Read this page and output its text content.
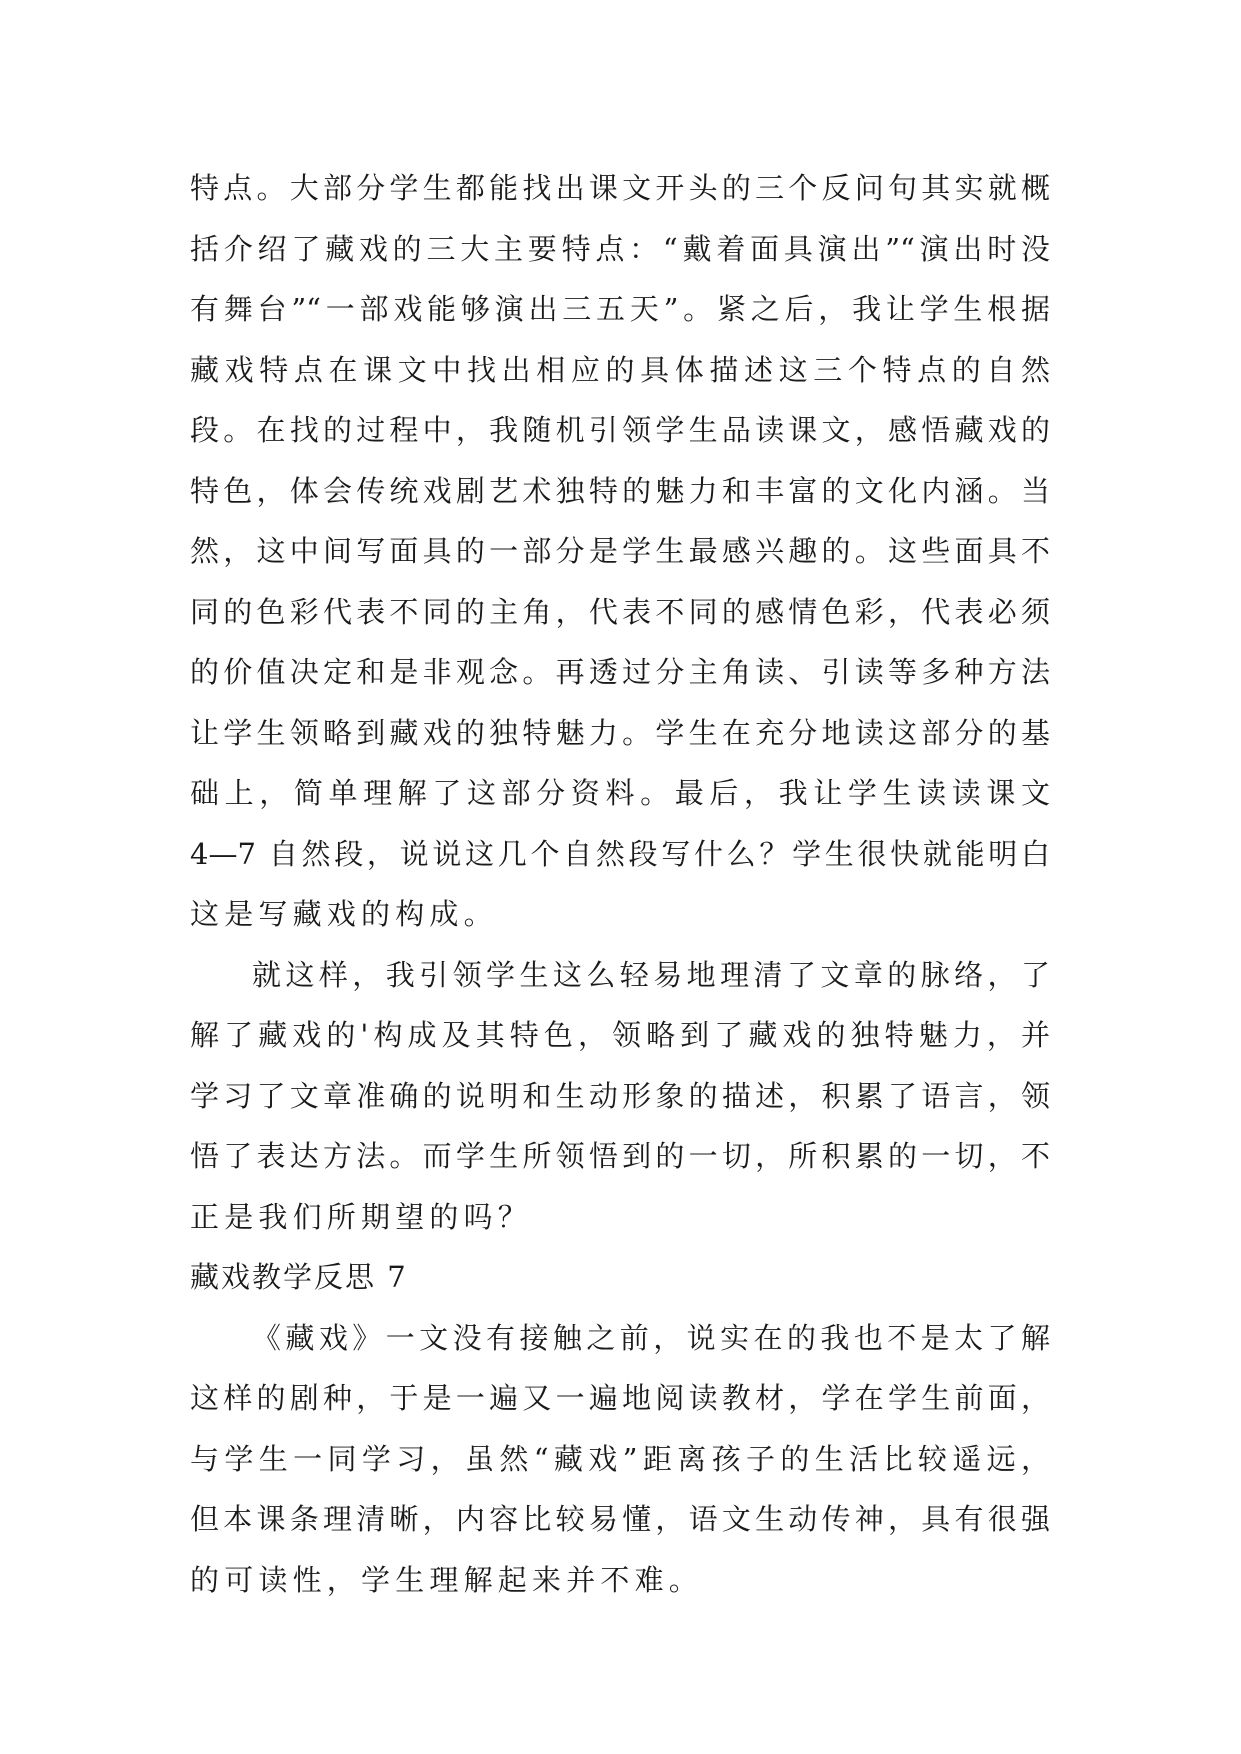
特点。大部分学生都能找出课文开头的三个反问句其实就概
括介绍了藏戏的三大主要特点：“戴着面具演出”“演出时没
有舞台”“一部戏能够演出三五天”。紧之后，我让学生根据
藏戏特点在课文中找出相应的具体描述这三个特点的自然
段。在找的过程中，我随机引领学生品读课文，感悟藏戏的
特色，体会传统戏剧艺术独特的魅力和丰富的文化内涵。当
然，这中间写面具的一部分是学生最感兴趣的。这些面具不
同的色彩代表不同的主角，代表不同的感情色彩，代表必须
的价值决定和是非观念。再透过分主角读、引读等多种方法
让学生领略到藏戏的独特魅力。学生在充分地读这部分的基
础上，简单理解了这部分资料。最后，我让学生读读课文
4—7 自然段，说说这几个自然段写什么？学生很快就能明白
这是写藏戏的构成。
就这样，我引领学生这么轻易地理清了文章的脉络，了
解了藏戏的'构成及其特色，领略到了藏戏的独特魅力，并
学习了文章准确的说明和生动形象的描述，积累了语言，领
悟了表达方法。而学生所领悟到的一切，所积累的一切，不
正是我们所期望的吗？
藏戏教学反思 7
《藏戏》一文没有接触之前，说实在的我也不是太了解
这样的剧种，于是一遍又一遍地阅读教材，学在学生前面，
与学生一同学习，虽然“藏戏”距离孩子的生活比较遥远，
但本课条理清晰，内容比较易懂，语文生动传神，具有很强
的可读性，学生理解起来并不难。
